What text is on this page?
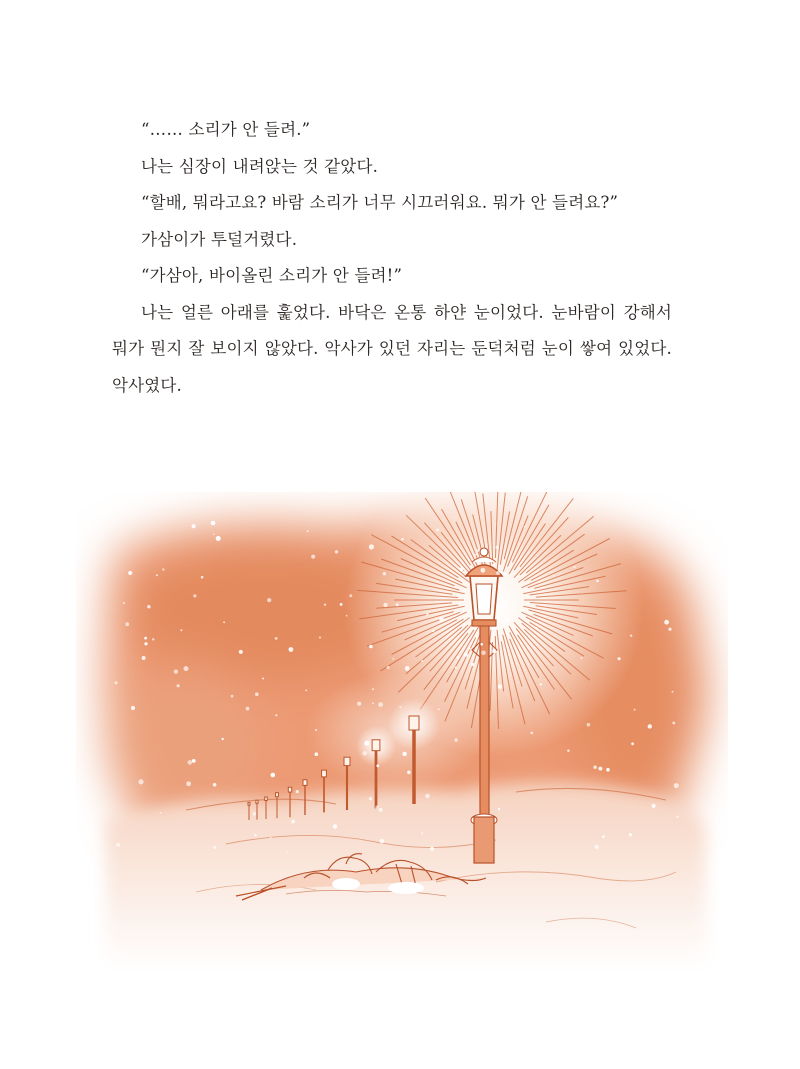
“…… 소리가 안 들려.”

나는 심장이 내려앉는 것 같았다.

“할배, 뭐라고요? 바람 소리가 너무 시끄러워요. 뭐가 안 들려요?”

가삼이가 투덜거렸다.

“가삼아, 바이올린 소리가 안 들려!”

나는 얼른 아래를 훑었다. 바닥은 온통 하얀 눈이었다. 눈바람이 강해서 뭐가 뭔지 잘 보이지 않았다. 악사가 있던 자리는 둔덕처럼 눈이 쌓여 있었다. 악사였다.
